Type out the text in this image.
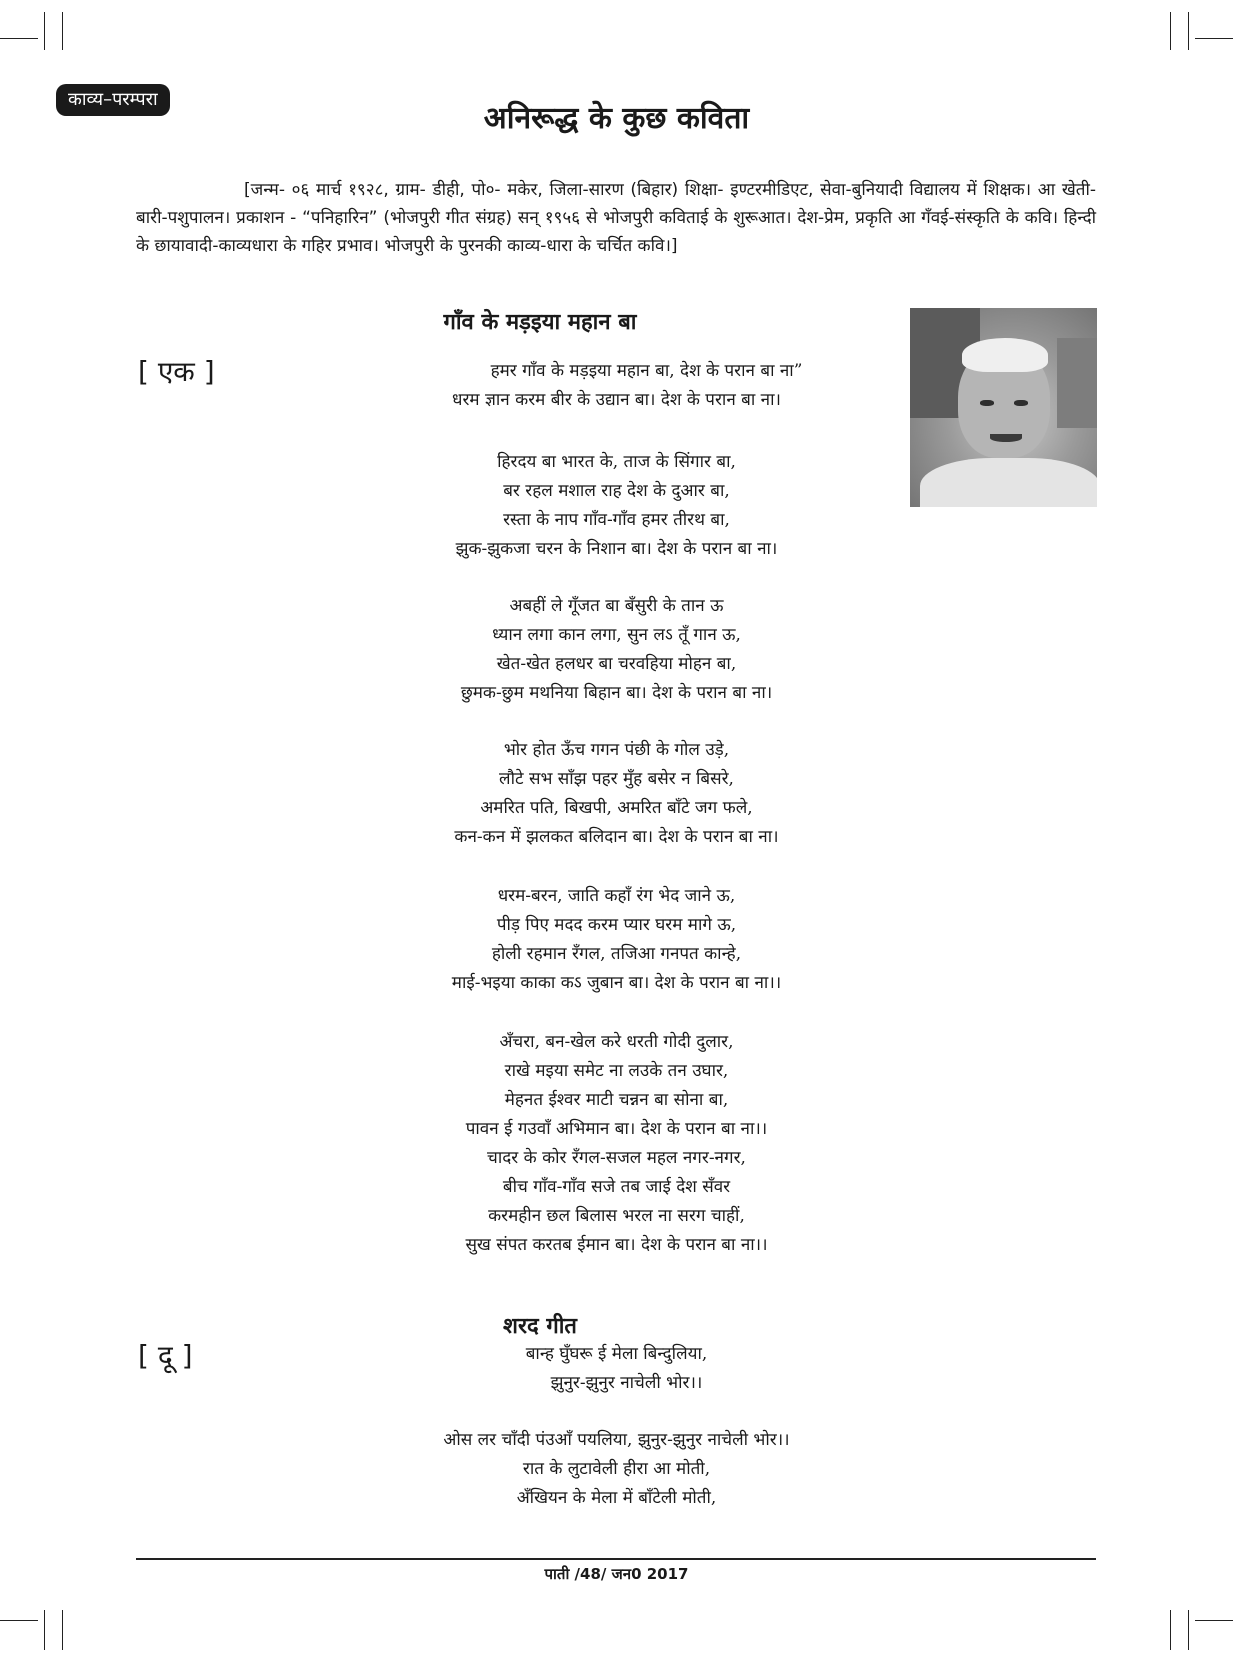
काव्य–परम्परा
अनिरूद्ध के कुछ कविता

[जन्म- ०६ मार्च १९२८, ग्राम- डीही, पो०- मकेर, जिला-सारण (बिहार) शिक्षा- इण्टरमीडिएट, सेवा-बुनियादी विद्यालय में शिक्षक। आ खेती-बारी-पशुपालन। प्रकाशन - “पनिहारिन” (भोजपुरी गीत संग्रह) सन् १९५६ से भोजपुरी कविताई के शुरूआत। देश-प्रेम, प्रकृति आ गँवई-संस्कृति के कवि। हिन्दी के छायावादी-काव्यधारा के गहिर प्रभाव। भोजपुरी के पुरनकी काव्य-धारा के चर्चित कवि।]

गाँव के मड़इया महान बा
[ एक ]	हमर गाँव के मड़इया महान बा, देश के परान बा ना”
धरम ज्ञान करम बीर के उद्यान बा। देश के परान बा ना।
हिरदय बा भारत के, ताज के सिंगार बा,
बर रहल मशाल राह देश के दुआर बा,
रस्ता के नाप गाँव-गाँव हमर तीरथ बा,
झुक-झुकजा चरन के निशान बा। देश के परान बा ना।
अबहीं ले गूँजत बा बँसुरी के तान ऊ
ध्यान लगा कान लगा, सुन लऽ तूँ गान ऊ,
खेत-खेत हलधर बा चरवहिया मोहन बा,
छुमक-छुम मथनिया बिहान बा। देश के परान बा ना।
भोर होत ऊँच गगन पंछी के गोल उड़े,
लौटे सभ साँझ पहर मुँह बसेर न बिसरे,
अमरित पति, बिखपी, अमरित बाँटे जग फले,
कन-कन में झलकत बलिदान बा। देश के परान बा ना।
धरम-बरन, जाति कहाँ रंग भेद जाने ऊ,
पीड़ पिए मदद करम प्यार घरम मागे ऊ,
होली रहमान रँगल, तजिआ गनपत कान्हे,
माई-भइया काका कऽ जुबान बा। देश के परान बा ना।।
अँचरा, बन-खेल करे धरती गोदी दुलार,
राखे मइया समेट ना लउके तन उघार,
मेहनत ईश्वर माटी चन्नन बा सोना बा,
पावन ई गउवाँ अभिमान बा। देश के परान बा ना।।
चादर के कोर रँगल-सजल महल नगर-नगर,
बीच गाँव-गाँव सजे तब जाई देश सँवर
करमहीन छल बिलास भरल ना सरग चाहीं,
सुख संपत करतब ईमान बा। देश के परान बा ना।।
शरद गीत
[ दू ]	बान्ह घुँघरू ई मेला बिन्दुलिया,
झुनुर-झुनुर नाचेली भोर।।
ओस लर चाँदी पंउआँ पयलिया, झुनुर-झुनुर नाचेली भोर।।
रात के लुटावेली हीरा आ मोती,
अँखियन के मेला में बाँटेली मोती,
पाती /48/ जन0 2017
